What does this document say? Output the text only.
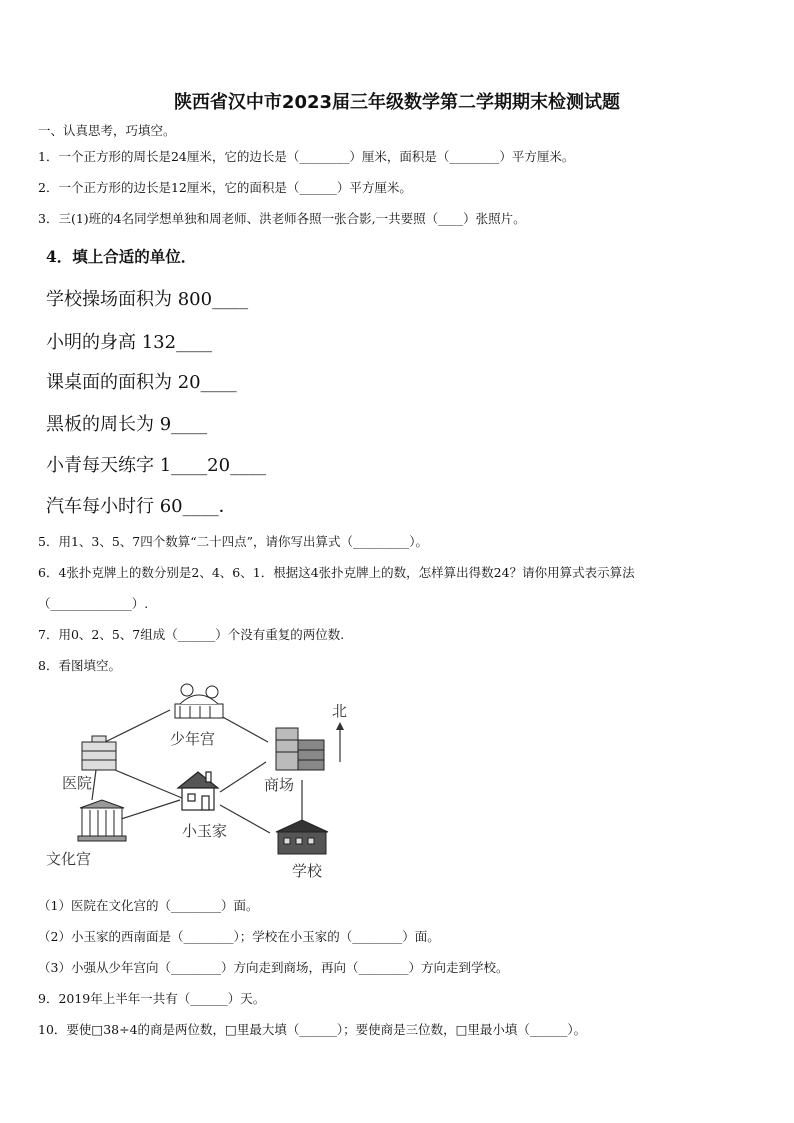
陕西省汉中市2023届三年级数学第二学期期末检测试题
一、认真思考，巧填空。
1．一个正方形的周长是24厘米，它的边长是（________）厘米，面积是（________）平方厘米。
2．一个正方形的边长是12厘米，它的面积是（______）平方厘米。
3．三(1)班的4名同学想单独和周老师、洪老师各照一张合影,一共要照（____）张照片。
4．填上合适的单位．
学校操场面积为 800____
小明的身高 132____
课桌面的面积为 20____
黑板的周长为 9____
小青每天练字 1____20____
汽车每小时行 60____．
5．用1、3、5、7四个数算“二十四点”，请你写出算式（_________）。
6．4张扑克牌上的数分别是2、4、6、1．根据这4张扑克牌上的数，怎样算出得数24？请你用算式表示算法
（_____________）.
7．用0、2、5、7组成（______）个没有重复的两位数.
8．看图填空。
北
少年宫
医院	商场
小玉家
文化宫
学校
（1）医院在文化宫的（________）面。
（2）小玉家的西南面是（________）；学校在小玉家的（________）面。
（3）小强从少年宫向（________）方向走到商场，再向（________）方向走到学校。
9．2019年上半年一共有（______）天。
10．要使□38÷4的商是两位数，□里最大填（______）；要使商是三位数，□里最小填（______）。
